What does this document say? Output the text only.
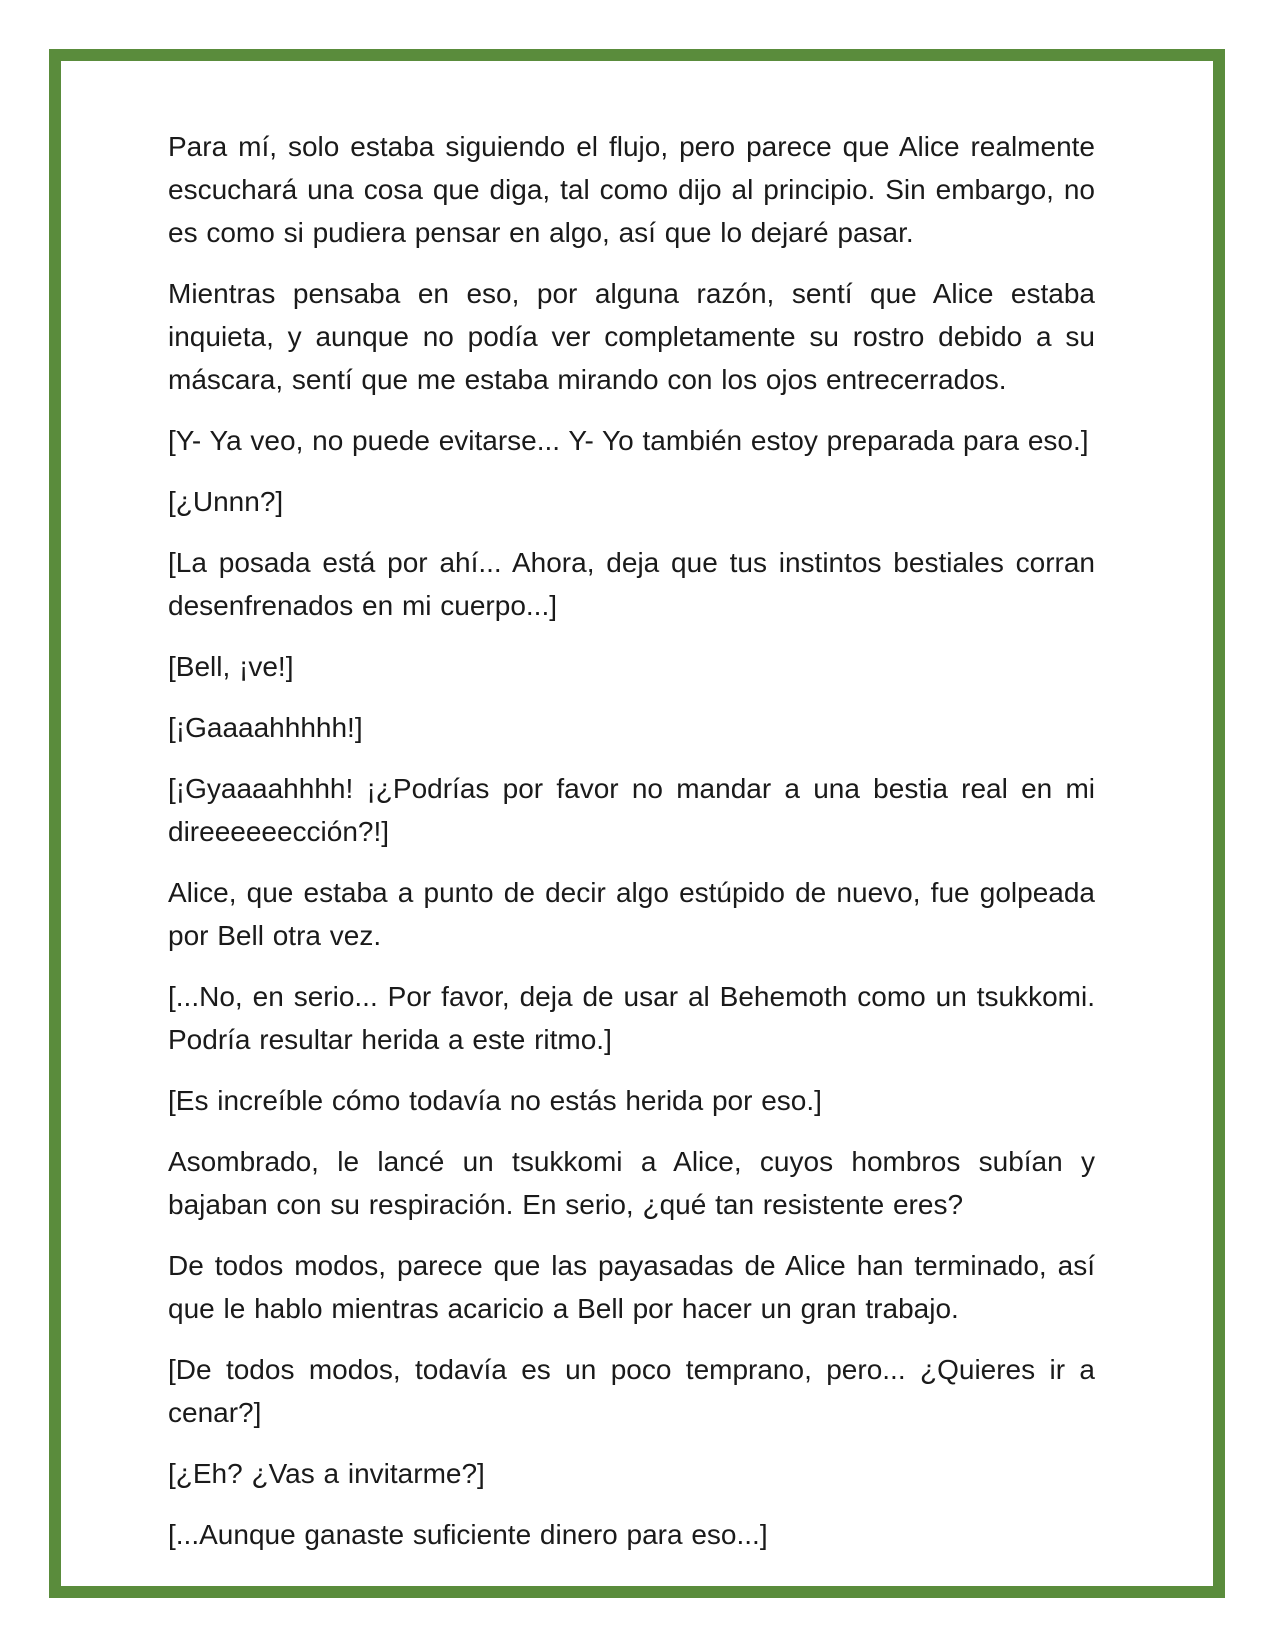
Para mí, solo estaba siguiendo el flujo, pero parece que Alice realmente escuchará una cosa que diga, tal como dijo al principio. Sin embargo, no es como si pudiera pensar en algo, así que lo dejaré pasar.

Mientras pensaba en eso, por alguna razón, sentí que Alice estaba inquieta, y aunque no podía ver completamente su rostro debido a su máscara, sentí que me estaba mirando con los ojos entrecerrados.

[Y- Ya veo, no puede evitarse... Y- Yo también estoy preparada para eso.]

[¿Unnn?]

[La posada está por ahí... Ahora, deja que tus instintos bestiales corran desenfrenados en mi cuerpo...]

[Bell, ¡ve!]

[¡Gaaaahhhhh!]

[¡Gyaaaahhhh! ¡¿Podrías por favor no mandar a una bestia real en mi direeeeeección?!]

Alice, que estaba a punto de decir algo estúpido de nuevo, fue golpeada por Bell otra vez.

[...No, en serio... Por favor, deja de usar al Behemoth como un tsukkomi. Podría resultar herida a este ritmo.]

[Es increíble cómo todavía no estás herida por eso.]

Asombrado, le lancé un tsukkomi a Alice, cuyos hombros subían y bajaban con su respiración. En serio, ¿qué tan resistente eres?

De todos modos, parece que las payasadas de Alice han terminado, así que le hablo mientras acaricio a Bell por hacer un gran trabajo.

[De todos modos, todavía es un poco temprano, pero... ¿Quieres ir a cenar?]

[¿Eh? ¿Vas a invitarme?]

[...Aunque ganaste suficiente dinero para eso...]
